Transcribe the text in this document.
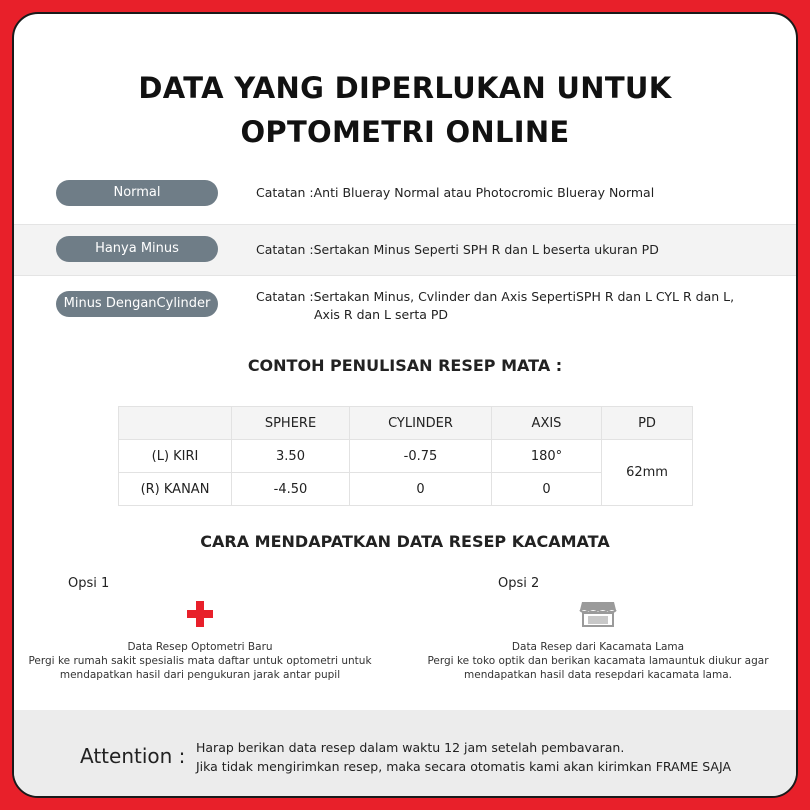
DATA YANG DIPERLUKAN UNTUK
OPTOMETRI ONLINE
Normal	Catatan :Anti Blueray Normal atau Photocromic Blueray Normal
Hanya Minus	Catatan :Sertakan Minus Seperti SPH R dan L beserta ukuran PD
Minus DenganCylinder	Catatan :Sertakan Minus, Cvlinder dan Axis SepertiSPH R dan L CYL R dan L,
Axis R dan L serta PD
CONTOH PENULISAN RESEP MATA :
	SPHERE	CYLINDER	AXIS	PD
(L) KIRI	3.50	-0.75	180°	62mm
(R) KANAN	-4.50	0	0	
CARA MENDAPATKAN DATA RESEP KACAMATA
Opsi 1
Data Resep Optometri Baru
Pergi ke rumah sakit spesialis mata daftar untuk optometri untuk
mendapatkan hasil dari pengukuran jarak antar pupil
Opsi 2
Data Resep dari Kacamata Lama
Pergi ke toko optik dan berikan kacamata lamauntuk diukur agar
mendapatkan hasil data resepdari kacamata lama.
Attention : Harap berikan data resep dalam waktu 12 jam setelah pembavaran.
Jika tidak mengirimkan resep, maka secara otomatis kami akan kirimkan FRAME SAJA
